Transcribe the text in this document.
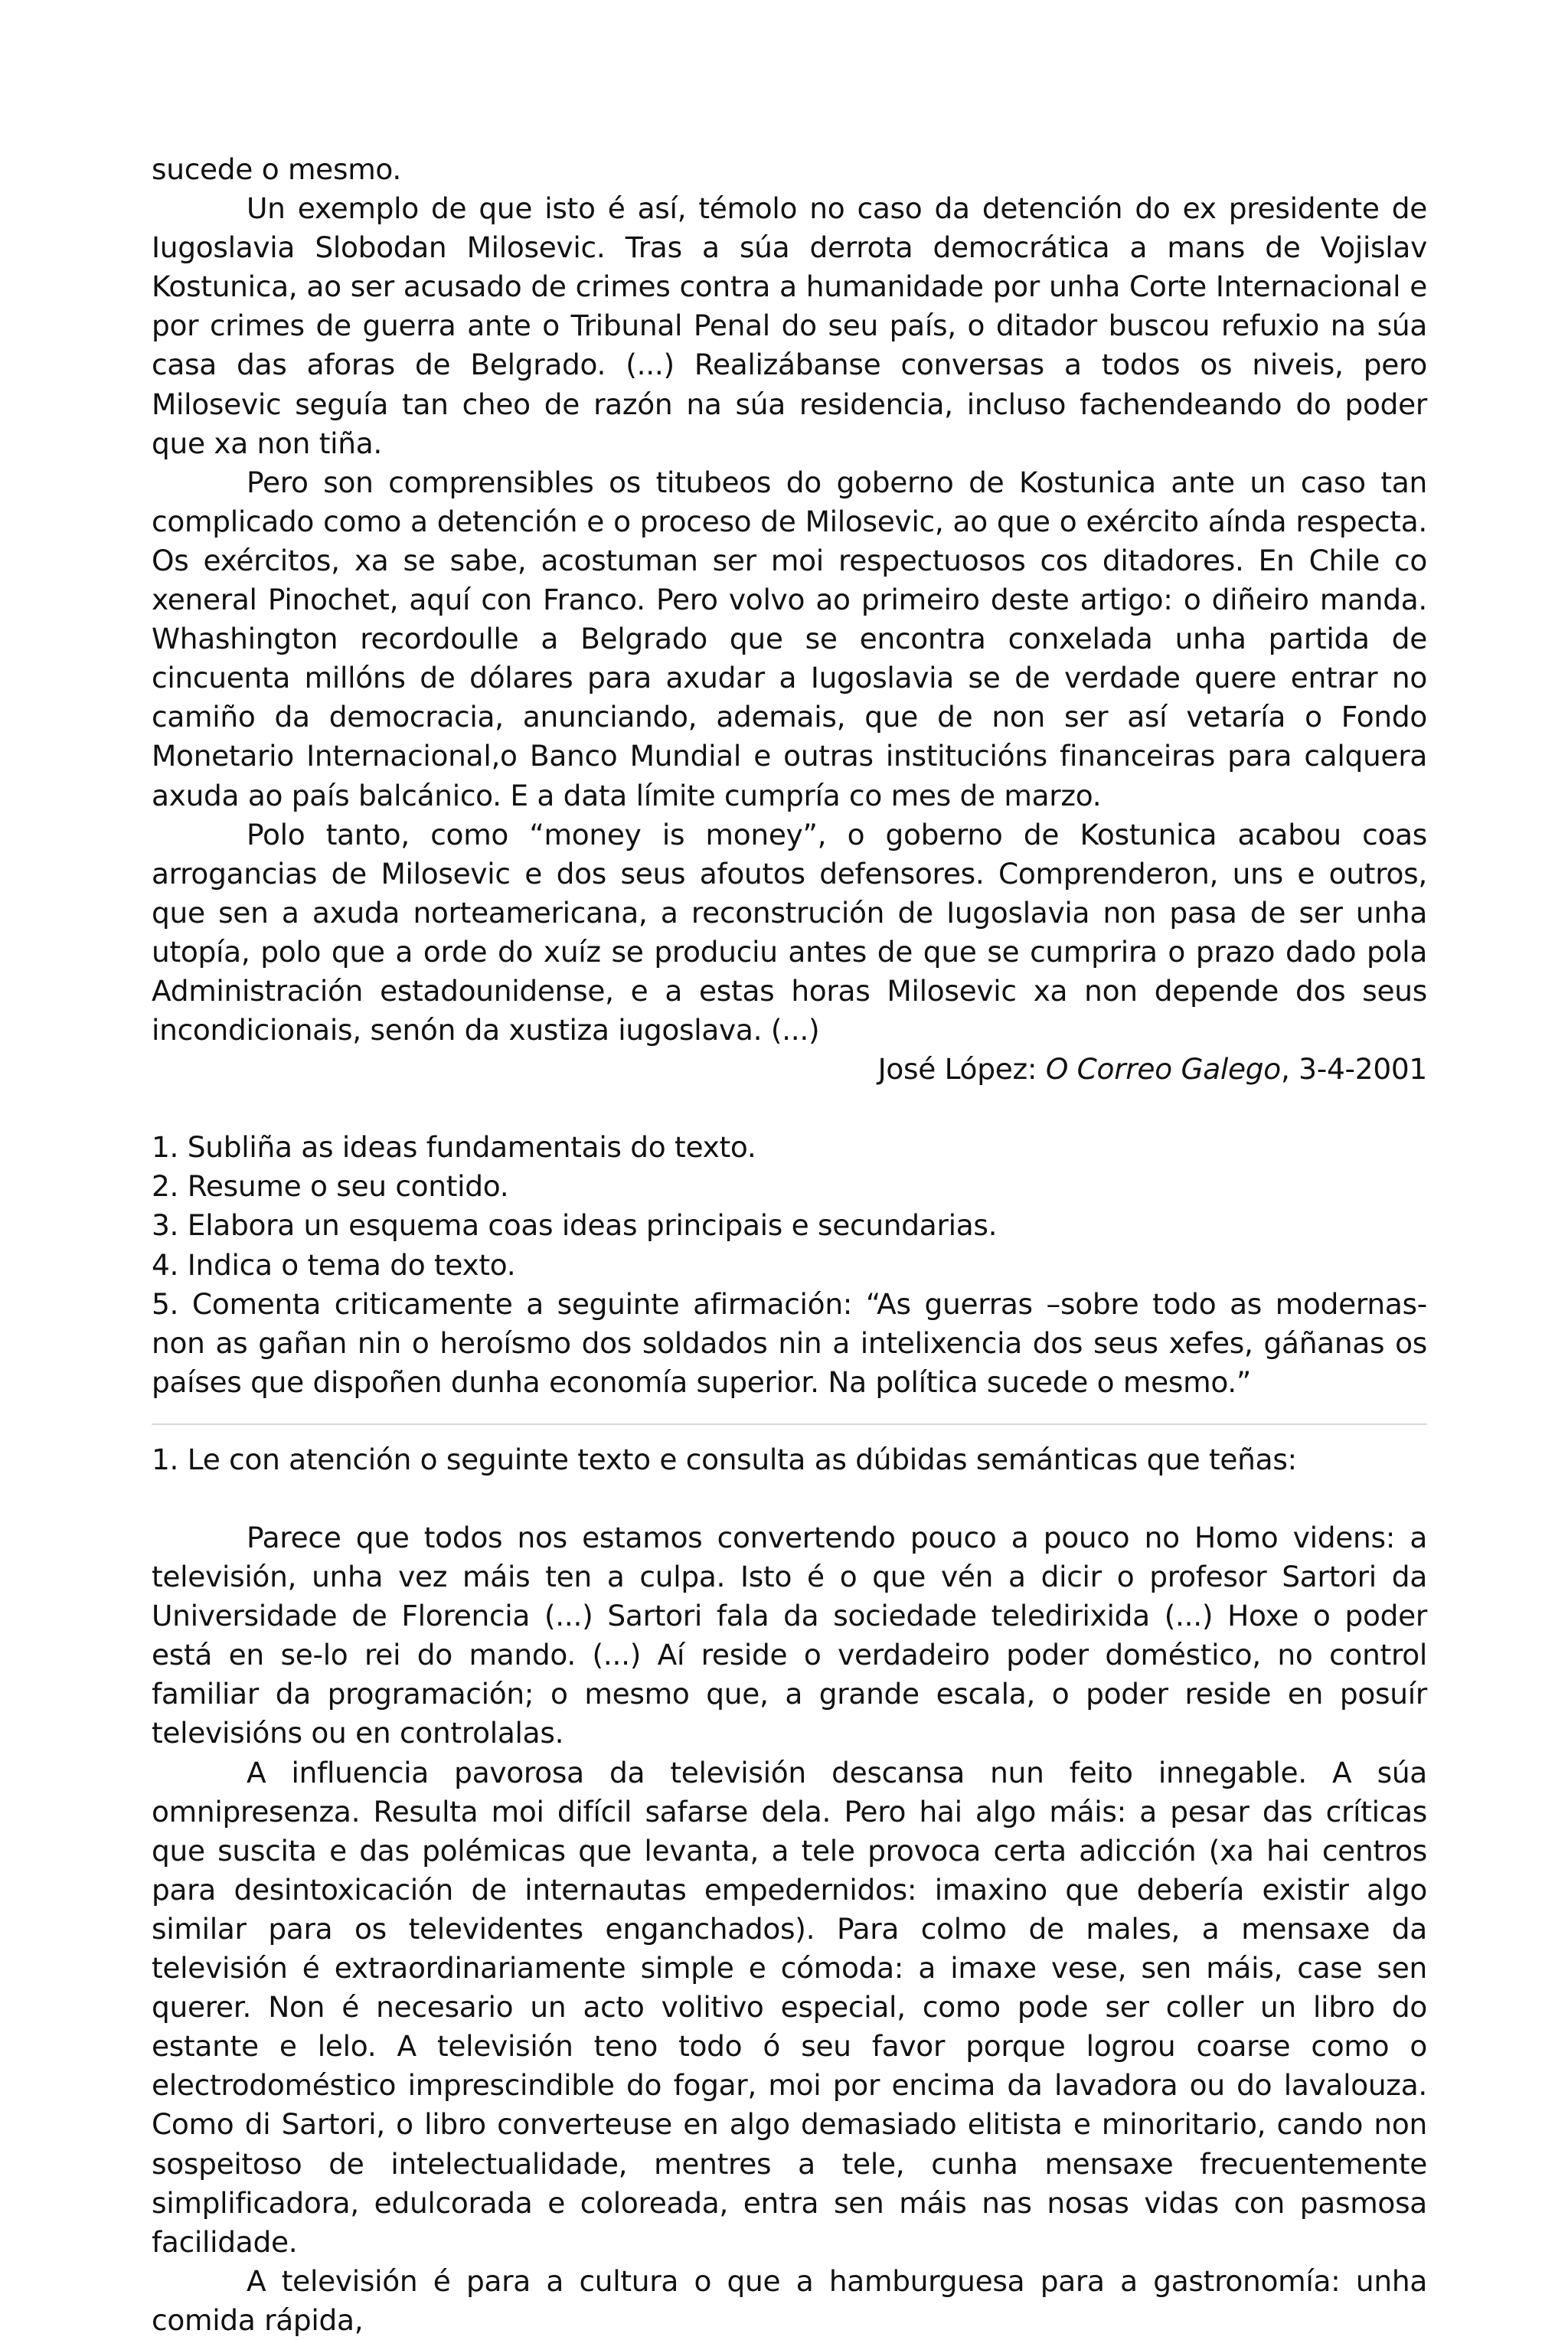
sucede o mesmo.

Un exemplo de que isto é así, témolo no caso da detención do ex presidente de Iugoslavia Slobodan Milosevic. Tras a súa derrota democrática a mans de Vojislav Kostunica, ao ser acusado de crimes contra a humanidade por unha Corte Internacional e por crimes de guerra ante o Tribunal Penal do seu país, o ditador buscou refuxio na súa casa das aforas de Belgrado. (...) Realizábanse conversas a todos os niveis, pero Milosevic seguía tan cheo de razón na súa residencia, incluso fachendeando do poder que xa non tiña.

Pero son comprensibles os titubeos do goberno de Kostunica ante un caso tan complicado como a detención e o proceso de Milosevic, ao que o exército aínda respecta. Os exércitos, xa se sabe, acostuman ser moi respectuosos cos ditadores. En Chile co xeneral Pinochet, aquí con Franco. Pero volvo ao primeiro deste artigo: o diñeiro manda. Whashington recordoulle a Belgrado que se encontra conxelada unha partida de cincuenta millóns de dólares para axudar a Iugoslavia se de verdade quere entrar no camiño da democracia, anunciando, ademais, que de non ser así vetaría o Fondo Monetario Internacional,o Banco Mundial e outras institucións financeiras para calquera axuda ao país balcánico. E a data límite cumpría co mes de marzo.

Polo tanto, como “money is money”, o goberno de Kostunica acabou coas arrogancias de Milosevic e dos seus afoutos defensores. Comprenderon, uns e outros, que sen a axuda norteamericana, a reconstrución de Iugoslavia non pasa de ser unha utopía, polo que a orde do xuíz se produciu antes de que se cumprira o prazo dado pola Administración estadounidense, e a estas horas Milosevic xa non depende dos seus incondicionais, senón da xustiza iugoslava. (...)

José López: O Correo Galego, 3-4-2001

1. Subliña as ideas fundamentais do texto.
2. Resume o seu contido.
3. Elabora un esquema coas ideas principais e secundarias.
4. Indica o tema do texto.
5. Comenta criticamente a seguinte afirmación: “As guerras –sobre todo as modernas- non as gañan nin o heroísmo dos soldados nin a intelixencia dos seus xefes, gáñanas os países que dispoñen dunha economía superior. Na política sucede o mesmo.”

1. Le con atención o seguinte texto e consulta as dúbidas semánticas que teñas:

Parece que todos nos estamos convertendo pouco a pouco no Homo videns: a televisión, unha vez máis ten a culpa. Isto é o que vén a dicir o profesor Sartori da Universidade de Florencia (...) Sartori fala da sociedade teledirixida (...) Hoxe o poder está en se-lo rei do mando. (...) Aí reside o verdadeiro poder doméstico, no control familiar da programación; o mesmo que, a grande escala, o poder reside en posuír televisións ou en controlalas.

A influencia pavorosa da televisión descansa nun feito innegable. A súa omnipresenza. Resulta moi difícil safarse dela. Pero hai algo máis: a pesar das críticas que suscita e das polémicas que levanta, a tele provoca certa adicción (xa hai centros para desintoxicación de internautas empedernidos: imaxino que debería existir algo similar para os televidentes enganchados). Para colmo de males, a mensaxe da televisión é extraordinariamente simple e cómoda: a imaxe vese, sen máis, case sen querer. Non é necesario un acto volitivo especial, como pode ser coller un libro do estante e lelo. A televisión teno todo ó seu favor porque logrou coarse como o electrodoméstico imprescindible do fogar, moi por encima da lavadora ou do lavalouza. Como di Sartori, o libro converteuse en algo demasiado elitista e minoritario, cando non sospeitoso de intelectualidade, mentres a tele, cunha mensaxe frecuentemente simplificadora, edulcorada e coloreada, entra sen máis nas nosas vidas con pasmosa facilidade.

A televisión é para a cultura o que a hamburguesa para a gastronomía: unha comida rápida,
